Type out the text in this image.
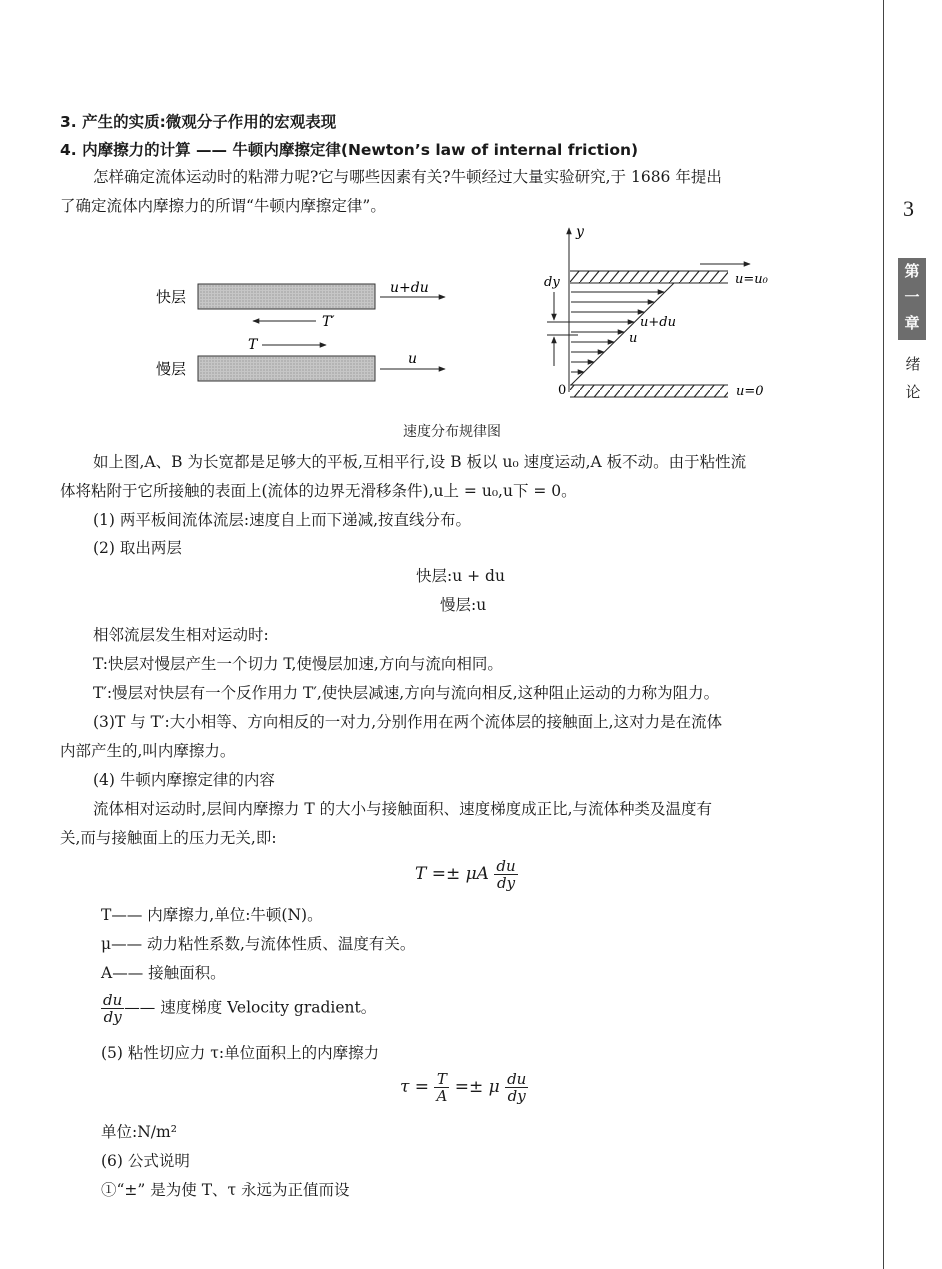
3
第
一
章
绪
论
3. 产生的实质:微观分子作用的宏观表现
4. 内摩擦力的计算 —— 牛顿内摩擦定律(Newton’s law of internal friction)
怎样确定流体运动时的粘滞力呢?它与哪些因素有关?牛顿经过大量实验研究,于 1686 年提出
了确定流体内摩擦力的所谓“牛顿内摩擦定律”。
快层	u+du
T′
T
慢层
u
y
u=u₀
u=0
0
u+du
u
dy
速度分布规律图
如上图,A、B 为长宽都是足够大的平板,互相平行,设 B 板以 u₀ 速度运动,A 板不动。由于粘性流
体将粘附于它所接触的表面上(流体的边界无滑移条件),u上 = u₀,u下 = 0。
(1) 两平板间流体流层:速度自上而下递减,按直线分布。
(2) 取出两层
快层:u + du
慢层:u
相邻流层发生相对运动时:
T:快层对慢层产生一个切力 T,使慢层加速,方向与流向相同。
T′:慢层对快层有一个反作用力 T′,使快层减速,方向与流向相反,这种阻止运动的力称为阻力。
(3)T 与 T′:大小相等、方向相反的一对力,分别作用在两个流体层的接触面上,这对力是在流体
内部产生的,叫内摩擦力。
(4) 牛顿内摩擦定律的内容
流体相对运动时,层间内摩擦力 T 的大小与接触面积、速度梯度成正比,与流体种类及温度有
关,而与接触面上的压力无关,即:
T =± μA $\frac{du}{dy}$
T—— 内摩擦力,单位:牛顿(N)。
μ—— 动力粘性系数,与流体性质、温度有关。
A—— 接触面积。
$\frac{du}{dy}$ —— 速度梯度 Velocity gradient。
(5) 粘性切应力 τ:单位面积上的内摩擦力
$\tau = \frac{T}{A} =\pm \mu \frac{du}{dy}$
单位:N/m²
(6) 公式说明
①“±” 是为使 T、τ 永远为正值而设
